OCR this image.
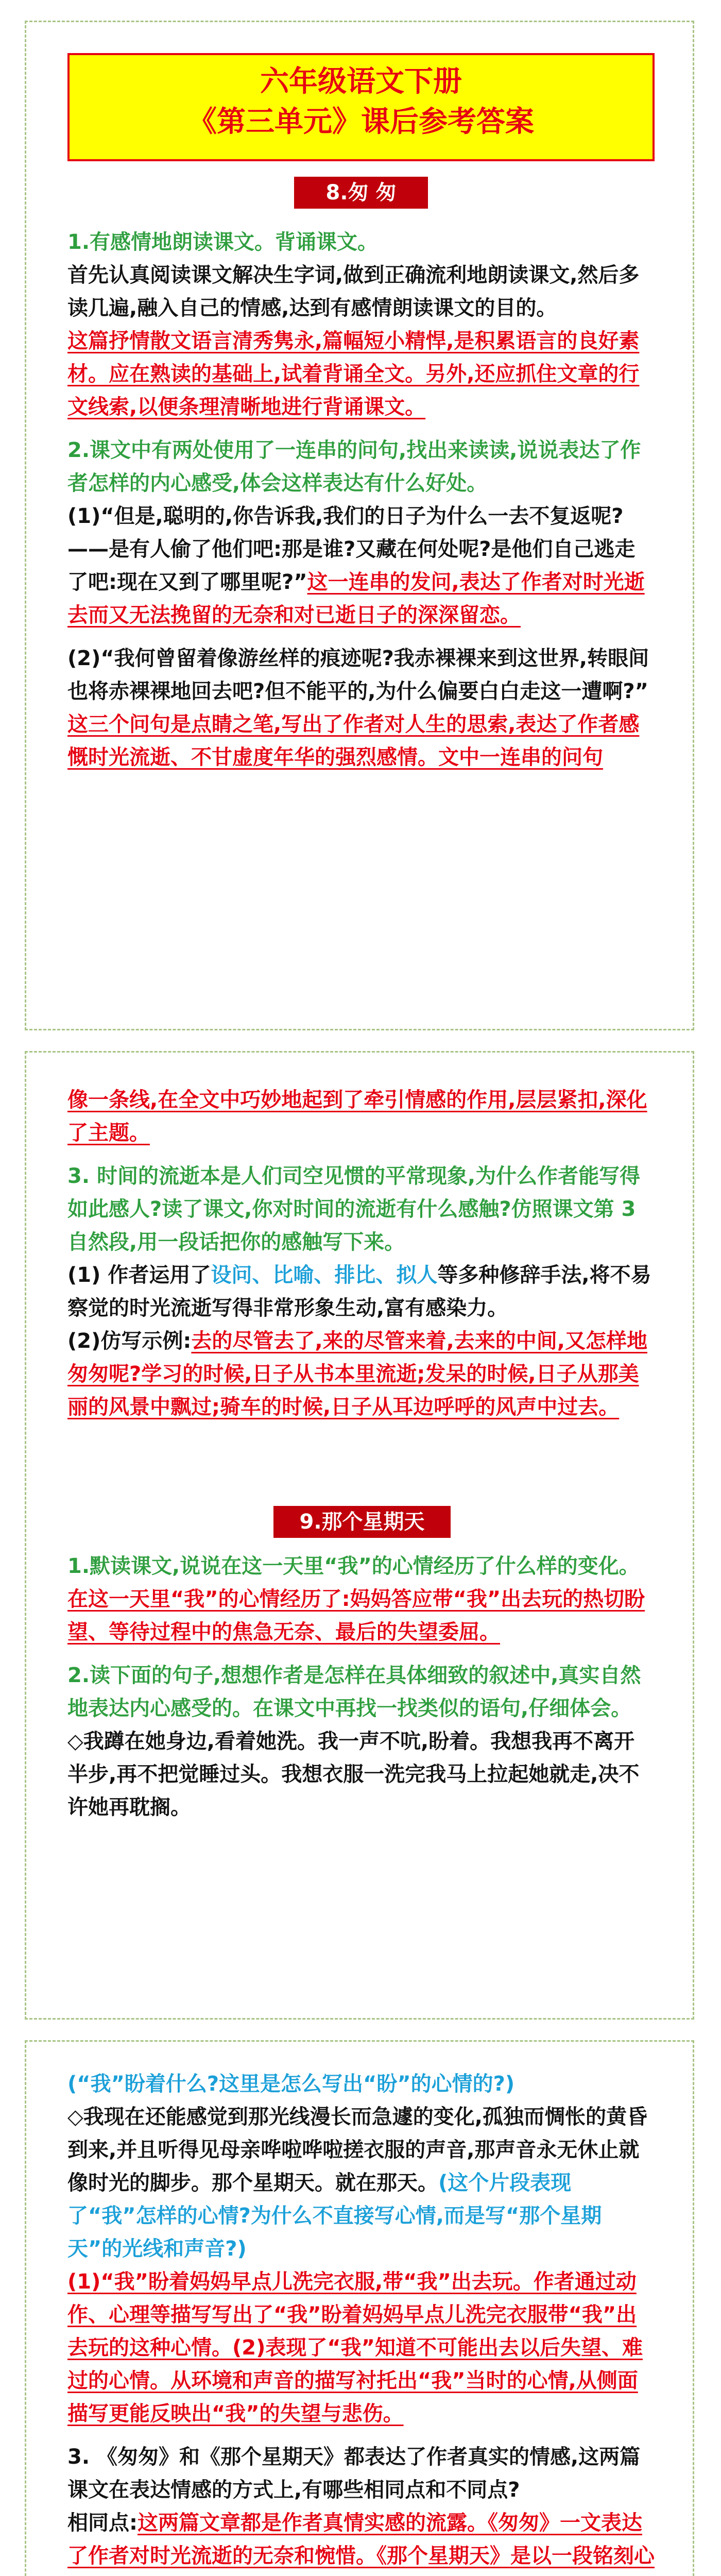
六年级语文下册
《第三单元》课后参考答案
8.匆 匆

1.有感情地朗读课文。背诵课文。

首先认真阅读课文解决生字词,做到正确流利地朗读课文,然后多读几遍,融入自己的情感,达到有感情朗读课文的目的。

这篇抒情散文语言清秀隽永,篇幅短小精悍,是积累语言的良好素材。应在熟读的基础上,试着背诵全文。另外,还应抓住文章的行文线索,以便条理清晰地进行背诵课文。

2.课文中有两处使用了一连串的问句,找出来读读,说说表达了作者怎样的内心感受,体会这样表达有什么好处。

(1)“但是,聪明的,你告诉我,我们的日子为什么一去不复返呢?——是有人偷了他们吧:那是谁?又藏在何处呢?是他们自己逃走了吧:现在又到了哪里呢?”这一连串的发问,表达了作者对时光逝去而又无法挽留的无奈和对已逝日子的深深留恋。

(2)“我何曾留着像游丝样的痕迹呢?我赤裸裸来到这世界,转眼间也将赤裸裸地回去吧?但不能平的,为什么偏要白白走这一遭啊?”

这三个问句是点睛之笔,写出了作者对人生的思索,表达了作者感慨时光流逝、不甘虚度年华的强烈感情。文中一连串的问句

像一条线,在全文中巧妙地起到了牵引情感的作用,层层紧扣,深化了主题。

3. 时间的流逝本是人们司空见惯的平常现象,为什么作者能写得如此感人?读了课文,你对时间的流逝有什么感触?仿照课文第 3 自然段,用一段话把你的感触写下来。

(1) 作者运用了设问、比喻、排比、拟人等多种修辞手法,将不易察觉的时光流逝写得非常形象生动,富有感染力。

(2)仿写示例:去的尽管去了,来的尽管来着,去来的中间,又怎样地匆匆呢?学习的时候,日子从书本里流逝;发呆的时候,日子从那美丽的风景中飘过;骑车的时候,日子从耳边呼呼的风声中过去。

9.那个星期天

1.默读课文,说说在这一天里“我”的心情经历了什么样的变化。

在这一天里“我”的心情经历了:妈妈答应带“我”出去玩的热切盼望、等待过程中的焦急无奈、最后的失望委屈。

2.读下面的句子,想想作者是怎样在具体细致的叙述中,真实自然地表达内心感受的。在课文中再找一找类似的语句,仔细体会。

◇我蹲在她身边,看着她洗。我一声不吭,盼着。我想我再不离开半步,再不把觉睡过头。我想衣服一洗完我马上拉起她就走,决不许她再耽搁。

(“我”盼着什么?这里是怎么写出“盼”的心情的?)

◇我现在还能感觉到那光线漫长而急遽的变化,孤独而惆怅的黄昏到来,并且听得见母亲哗啦哗啦搓衣服的声音,那声音永无休止就像时光的脚步。那个星期天。就在那天。(这个片段表现了“我”怎样的心情?为什么不直接写心情,而是写“那个星期天”的光线和声音?)

(1)“我”盼着妈妈早点儿洗完衣服,带“我”出去玩。作者通过动作、心理等描写写出了“我”盼着妈妈早点儿洗完衣服带“我”出去玩的这种心情。(2)表现了“我”知道不可能出去以后失望、难过的心情。从环境和声音的描写衬托出“我”当时的心情,从侧面描写更能反映出“我”的失望与悲伤。

3. 《匆匆》和《那个星期天》都表达了作者真实的情感,这两篇课文在表达情感的方式上,有哪些相同点和不同点?

相同点:这两篇文章都是作者真情实感的流露。《匆匆》一文表达了作者对时光流逝的无奈和惋惜。《那个星期天》是以一段铭刻心
